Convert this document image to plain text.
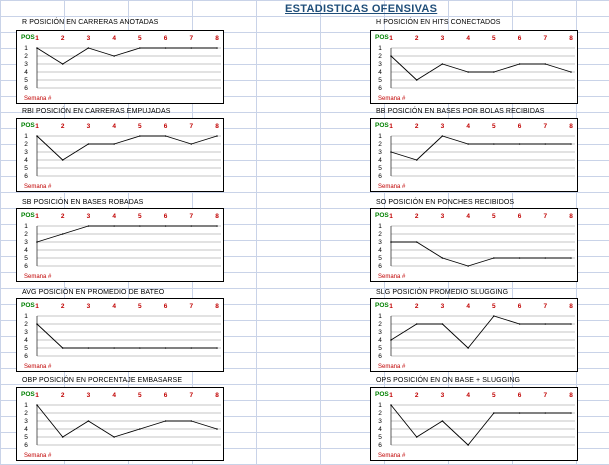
ESTADISTICAS OFENSIVAS
R POSICIÓN EN CARRERAS ANOTADAS
POS 1	2	3	4	5	6	7	8
1
2
3
4
5
6
Semana #
H POSICIÓN EN HITS CONECTADOS
POS 1	2	3	4	5	6	7	8
1
2
3
4
5
6
Semana #
RBI POSICIÓN EN CARRERAS EMPUJADAS
POS 1	2	3	4	5	6	7	8
1
2
3
4
5
6
Semana #
BB POSICIÓN EN BASES POR BOLAS RECIBIDAS
POS 1	2	3	4	5	6	7	8
1
2
3
4
5
6
Semana #
SB POSICIÓN EN BASES ROBADAS
POS 1	2	3	4	5	6	7	8
1
2
3
4
5
6
Semana #
SO POSICIÓN EN PONCHES RECIBIDOS
POS 1	2	3	4	5	6	7	8
1
2
3
4
5
6
Semana #
AVG POSICIÓN EN PROMEDIO DE BATEO
POS 1	2	3	4	5	6	7	8
1
2
3
4
5
6
Semana #
SLG POSICIÓN PROMEDIO SLUGGING
POS 1	2	3	4	5	6	7	8
1
2
3
4
5
6
Semana #
OBP POSICIÓN EN PORCENTAJE EMBASARSE
POS 1	2	3	4	5	6	7	8
1
2
3
4
5
6
Semana #
OPS POSICIÓN EN ON BASE + SLUGGING
POS 1	2	3	4	5	6	7	8
1
2
3
4
5
6
Semana #
